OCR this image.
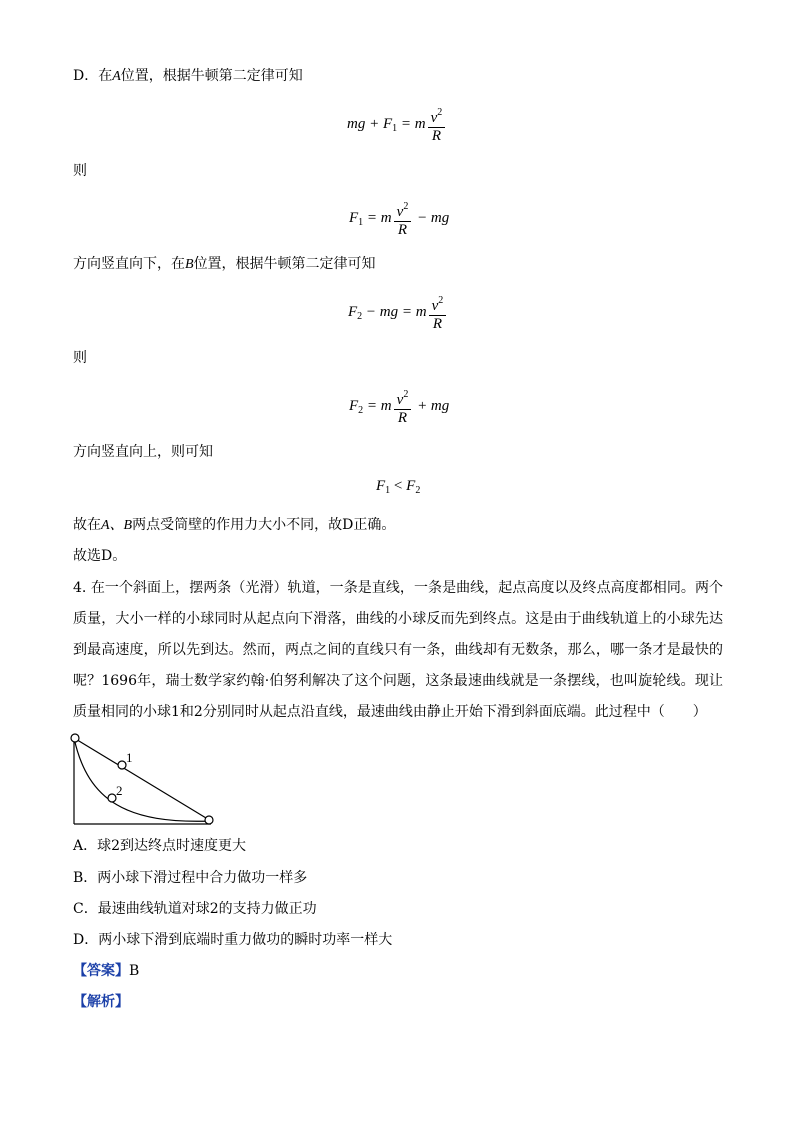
D．在A位置，根据牛顿第二定律可知
mg + $F_1 = m \frac{v^2}{R}$
则
$F_1 = m \frac{v^2}{R}$ − mg
方向竖直向下，在B位置，根据牛顿第二定律可知
$F_2$ − mg = m $\frac{v^2}{R}$
则
$F_2 = m \frac{v^2}{R}$ + mg
方向竖直向上，则可知
$F_1 < F_2$
故在A、B两点受筒壁的作用力大小不同，故D正确。
故选D。
4. 在一个斜面上，摆两条（光滑）轨道，一条是直线，一条是曲线，起点高度以及终点高度都相同。两个质量，大小一样的小球同时从起点向下滑落，曲线的小球反而先到终点。这是由于曲线轨道上的小球先达到最高速度，所以先到达。然而，两点之间的直线只有一条，曲线却有无数条，那么，哪一条才是最快的呢？1696年，瑞士数学家约翰·伯努利解决了这个问题，这条最速曲线就是一条摆线，也叫旋轮线。现让质量相同的小球1和2分别同时从起点沿直线，最速曲线由静止开始下滑到斜面底端。此过程中（　　）
1
2
A．球2到达终点时速度更大
B．两小球下滑过程中合力做功一样多
C．最速曲线轨道对球2的支持力做正功
D．两小球下滑到底端时重力做功的瞬时功率一样大
【答案】B
【解析】
